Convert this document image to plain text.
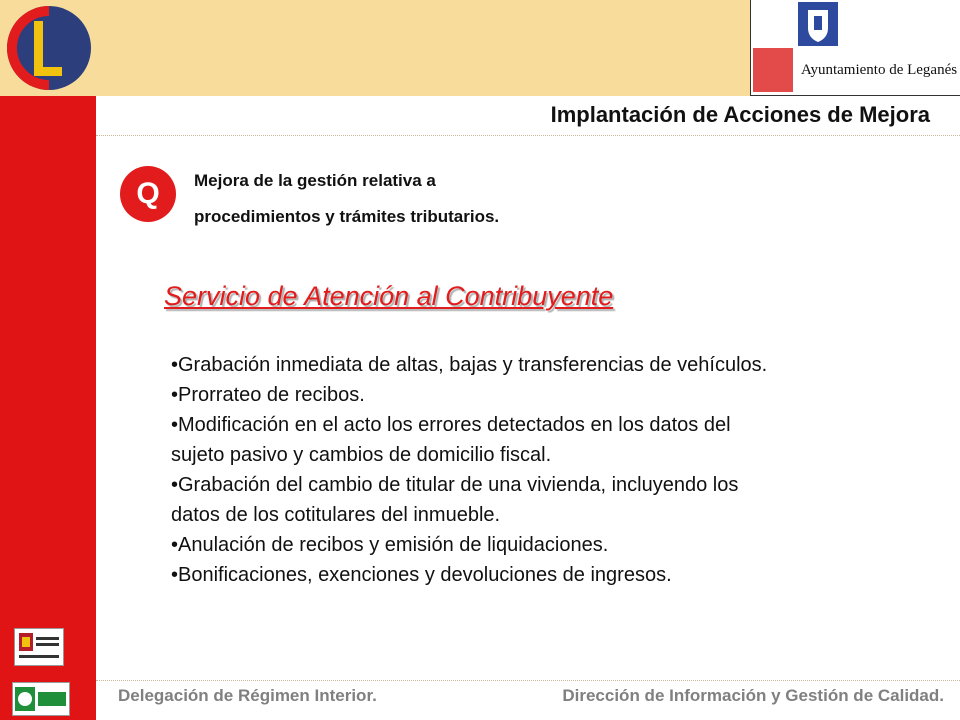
Ayuntamiento de Leganés
Implantación de Acciones de Mejora
Q	Mejora de la gestión relativa a
procedimientos y trámites tributarios.
Servicio de Atención al Contribuyente
•Grabación inmediata de altas, bajas y transferencias de vehículos.
•Prorrateo de recibos.
•Modificación en el acto los errores detectados en los datos del
sujeto pasivo y cambios de domicilio fiscal.
•Grabación del cambio de titular de una vivienda, incluyendo los
datos de los cotitulares del inmueble.
•Anulación de recibos y emisión de liquidaciones.
•Bonificaciones, exenciones y devoluciones de ingresos.
Delegación de Régimen Interior.	Dirección de Información y Gestión de Calidad.
